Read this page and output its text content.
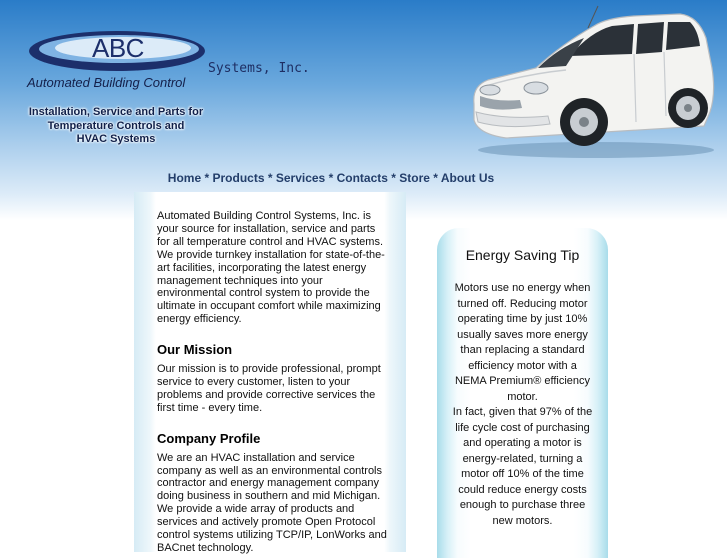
ABC
Automated Building Control
Systems, Inc.
Installation, Service and Parts for
Temperature Controls and
HVAC Systems
Home * Products * Services * Contacts * Store * About Us

Automated Building Control Systems, Inc. is your source for installation, service and parts for all temperature control and HVAC systems. We provide turnkey installation for state-of-the-art facilities, incorporating the latest energy management techniques into your environmental control system to provide the ultimate in occupant comfort while maximizing energy efficiency.

Our Mission

Our mission is to provide professional, prompt service to every customer, listen to your problems and provide corrective services the first time - every time.

Company Profile

We are an HVAC installation and service company as well as an environmental controls contractor and energy management company doing business in southern and mid Michigan. We provide a wide array of products and services and actively promote Open Protocol control systems utilizing TCP/IP, LonWorks and BACnet technology.

Energy Saving Tip
Motors use no energy when turned off. Reducing motor operating time by just 10% usually saves more energy than replacing a standard efficiency motor with a NEMA Premium® efficiency motor.
In fact, given that 97% of the life cycle cost of purchasing and operating a motor is energy-related, turning a motor off 10% of the time could reduce energy costs enough to purchase three new motors.
